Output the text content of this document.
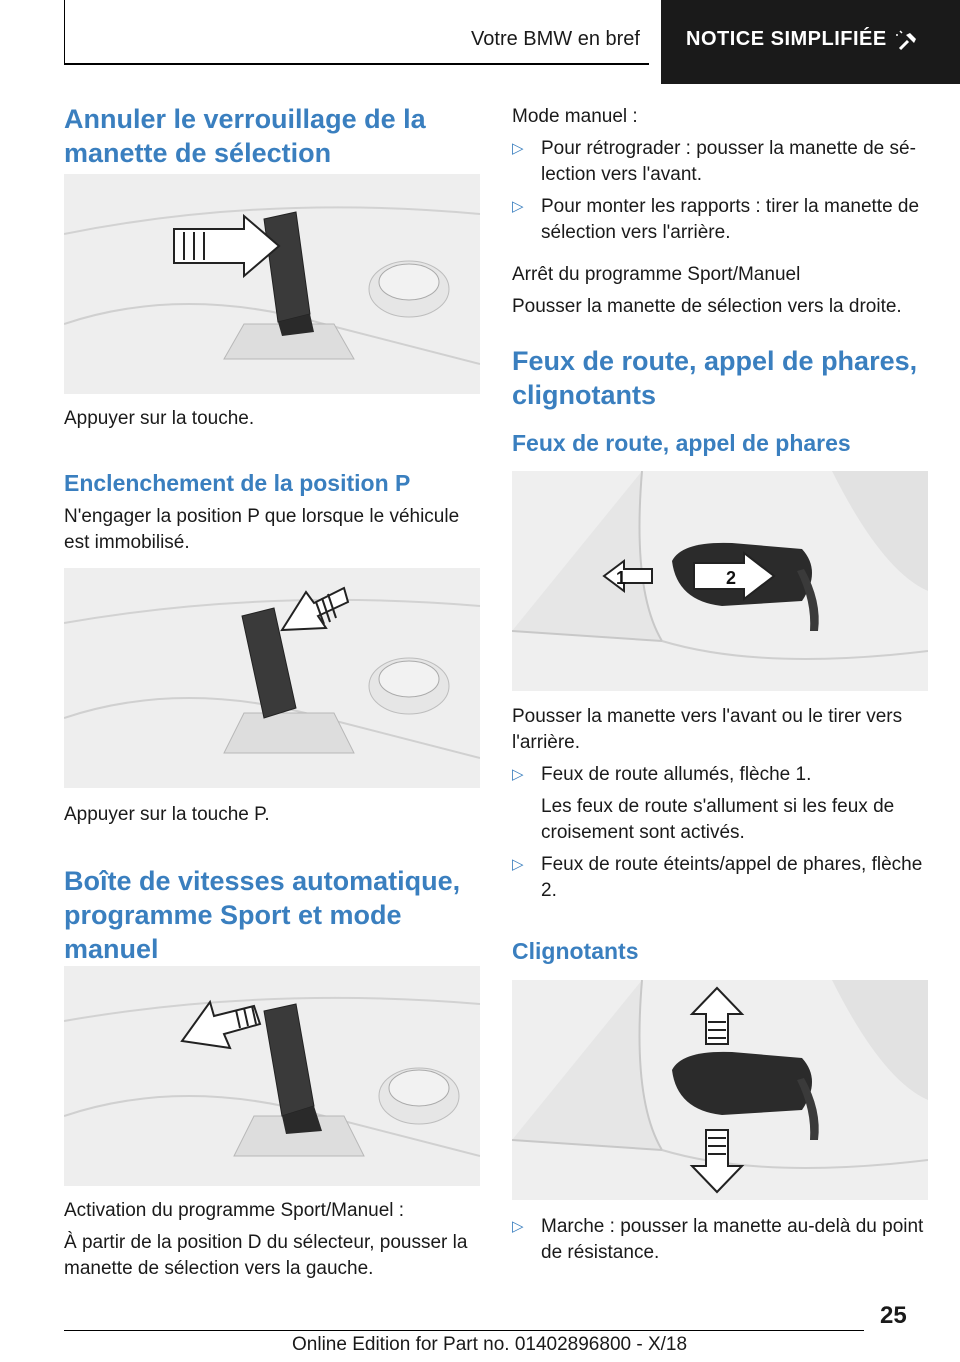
Votre BMW en bref NOTICE SIMPLIFIÉE
Annuler le verrouillage de la manette de sélection
Appuyer sur la touche.
Enclenchement de la position P
N'engager la position P que lorsque le véhicule est immobilisé.
Appuyer sur la touche P.
Boîte de vitesses automatique, programme Sport et mode manuel
Activation du programme Sport/Manuel :
À partir de la position D du sélecteur, pousser la manette de sélection vers la gauche.
Mode manuel :
▷ Pour rétrograder : pousser la manette de sélection vers l'avant.
▷ Pour monter les rapports : tirer la manette de sélection vers l'arrière.
Arrêt du programme Sport/Manuel
Pousser la manette de sélection vers la droite.
Feux de route, appel de phares, clignotants
Feux de route, appel de phares
1	2
Pousser la manette vers l'avant ou le tirer vers l'arrière.
▷ Feux de route allumés, flèche 1.
Les feux de route s'allument si les feux de croisement sont activés.
▷ Feux de route éteints/appel de phares, flèche 2.
Clignotants
▷ Marche : pousser la manette au-delà du point de résistance.
25
Online Edition for Part no. 01402896800 - X/18
